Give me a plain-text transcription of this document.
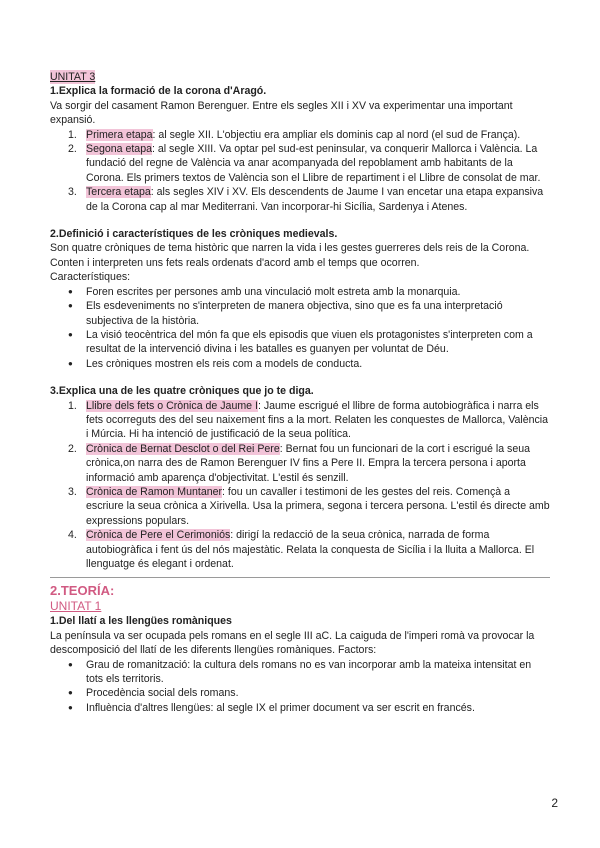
UNITAT 3

1.Explica la formació de la corona d'Aragó.

Va sorgir del casament Ramon Berenguer. Entre els segles XII i XV va experimentar una important expansió.

1. Primera etapa: al segle XII. L'objectiu era ampliar els dominis cap al nord (el sud de França).
2. Segona etapa: al segle XIII. Va optar pel sud-est peninsular, va conquerir Mallorca i València. La fundació del regne de València va anar acompanyada del repoblament amb habitants de la Corona. Els primers textos de València son el Llibre de repartiment i el Llibre de consolat de mar.
3. Tercera etapa: als segles XIV i XV. Els descendents de Jaume I van encetar una etapa expansiva de la Corona cap al mar Mediterrani. Van incorporar-hi Sicília, Sardenya i Atenes.

2.Definició i característiques de les cròniques medievals.

Son quatre cròniques de tema històric que narren la vida i les gestes guerreres dels reis de la Corona. Conten i interpreten uns fets reals ordenats d'acord amb el temps que ocorren.

Característiques:

●	Foren escrites per persones amb una vinculació molt estreta amb la monarquia.
●	Els esdeveniments no s'interpreten de manera objectiva, sino que es fa una interpretació subjectiva de la història.
●	La visió teocèntrica del món fa que els episodis que viuen els protagonistes s'interpreten com a resultat de la intervenció divina i les batalles es guanyen per voluntat de Déu.
●	Les cròniques mostren els reis com a models de conducta.

3.Explica una de les quatre cròniques que jo te diga.

1. Llibre dels fets o Crònica de Jaume I: Jaume escrigué el llibre de forma autobiogràfica i narra els fets ocorreguts des del seu naixement fins a la mort. Relaten les conquestes de Mallorca, València i Múrcia. Hi ha intenció de justificació de la seua política.
2. Crònica de Bernat Desclot o del Rei Pere: Bernat fou un funcionari de la cort i escrigué la seua crònica,on narra des de Ramon Berenguer IV fins a Pere II. Empra la tercera persona i aporta informació amb aparença d'objectivitat. L'estil és senzill.
3. Crònica de Ramon Muntaner: fou un cavaller i testimoni de les gestes del reis. Començà a escriure la seua crònica a Xirivella. Usa la primera, segona i tercera persona. L'estil és directe amb expressions populars.
4. Crònica de Pere el Cerimoniós: dirigí la redacció de la seua crònica, narrada de forma autobiogràfica i fent ús del nós majestàtic. Relata la conquesta de Sicília i la lluita a Mallorca. El llenguatge és elegant i ordenat.
2.TEORÍA:
UNITAT 1

1.Del llatí a les llengües romàniques

La península va ser ocupada pels romans en el segle III aC. La caiguda de l'imperi romà va provocar la descomposició del llatí de les diferents llengües romàniques. Factors:

●	Grau de romanització: la cultura dels romans no es van incorporar amb la mateixa intensitat en tots els territoris.
●	Procedència social dels romans.
●	Influència d'altres llengües: al segle IX el primer document va ser escrit en francés.
2
